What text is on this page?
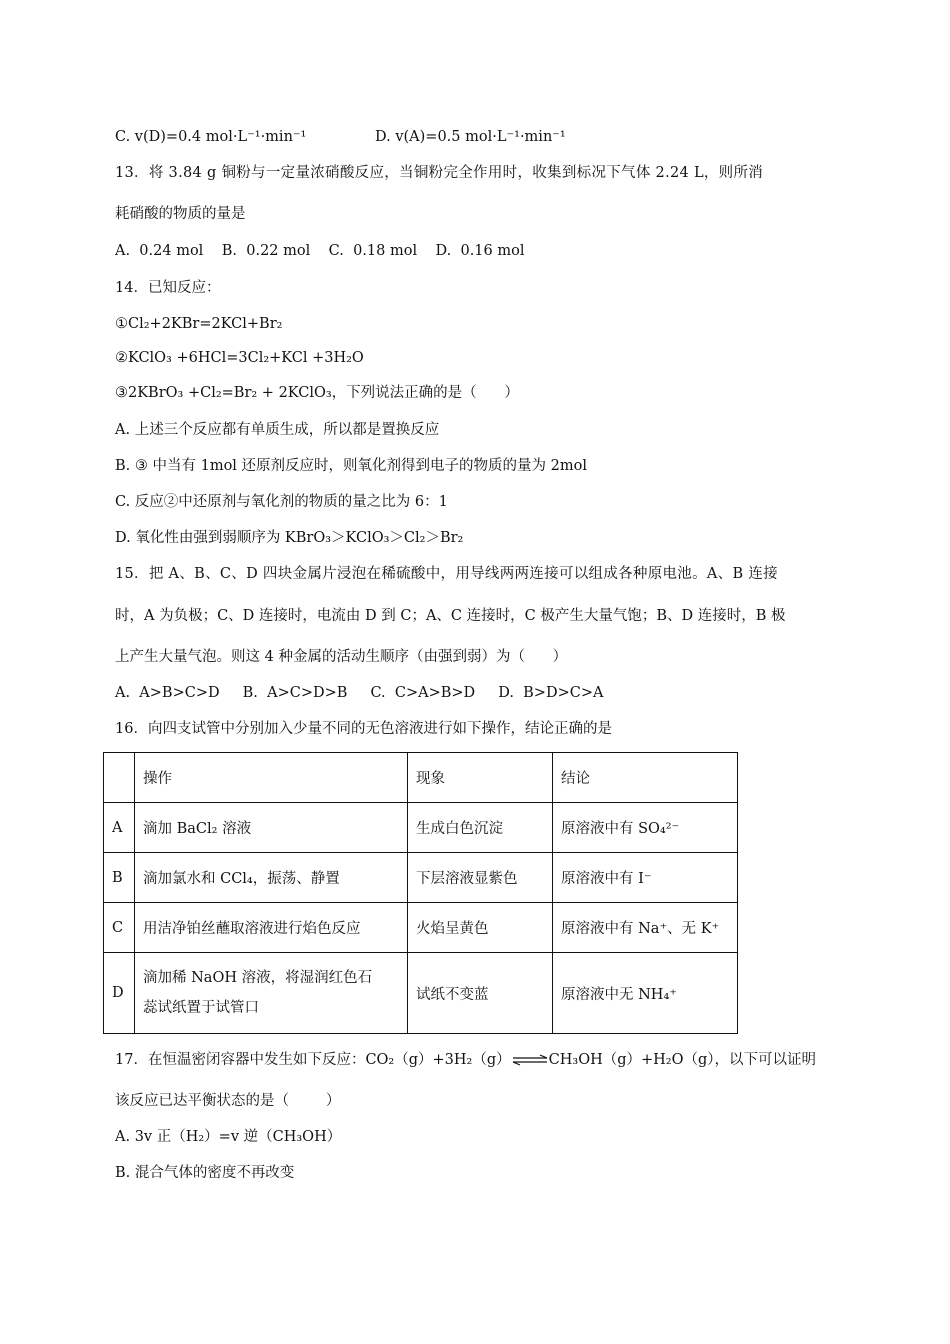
C. v(D)=0.4 mol·L⁻¹·min⁻¹	D. v(A)=0.5 mol·L⁻¹·min⁻¹
13．将 3.84 g 铜粉与一定量浓硝酸反应，当铜粉完全作用时，收集到标况下气体 2.24 L，则所消
耗硝酸的物质的量是
A.  0.24 mol    B.  0.22 mol    C.  0.18 mol    D.  0.16 mol
14．已知反应：
①Cl₂+2KBr=2KCl+Br₂
②KClO₃ +6HCl=3Cl₂+KCl +3H₂O
③2KBrO₃ +Cl₂=Br₂ + 2KClO₃，下列说法正确的是（      ）
A. 上述三个反应都有单质生成，所以都是置换反应
B. ③ 中当有 1mol 还原剂反应时，则氧化剂得到电子的物质的量为 2mol
C. 反应②中还原剂与氧化剂的物质的量之比为 6：1
D. 氧化性由强到弱顺序为 KBrO₃＞KClO₃＞Cl₂＞Br₂
15．把 A、B、C、D 四块金属片浸泡在稀硫酸中，用导线两两连接可以组成各种原电池。A、B 连接
时，A 为负极；C、D 连接时，电流由 D 到 C；A、C 连接时，C 极产生大量气饱；B、D 连接时，B 极
上产生大量气泡。则这 4 种金属的活动生顺序（由强到弱）为（      ）
A.  A>B>C>D     B.  A>C>D>B     C.  C>A>B>D     D.  B>D>C>A
16．向四支试管中分别加入少量不同的无色溶液进行如下操作，结论正确的是
	操作	现象	结论
A	滴加 BaCl₂ 溶液	生成白色沉淀	原溶液中有 SO₄²⁻
B	滴加氯水和 CCl₄，振荡、静置	下层溶液显紫色	原溶液中有 I⁻
C	用洁净铂丝蘸取溶液进行焰色反应	火焰呈黄色	原溶液中有 Na⁺、无 K⁺
D	滴加稀 NaOH 溶液，将湿润红色石
蕊试纸置于试管口	试纸不变蓝	原溶液中无 NH₄⁺
17．在恒温密闭容器中发生如下反应：CO₂（g）+3H₂（g）⇌CH₃OH（g）+H₂O（g），以下可以证明
该反应已达平衡状态的是（        ）
A. 3v 正（H₂）=v 逆（CH₃OH）
B. 混合气体的密度不再改变
